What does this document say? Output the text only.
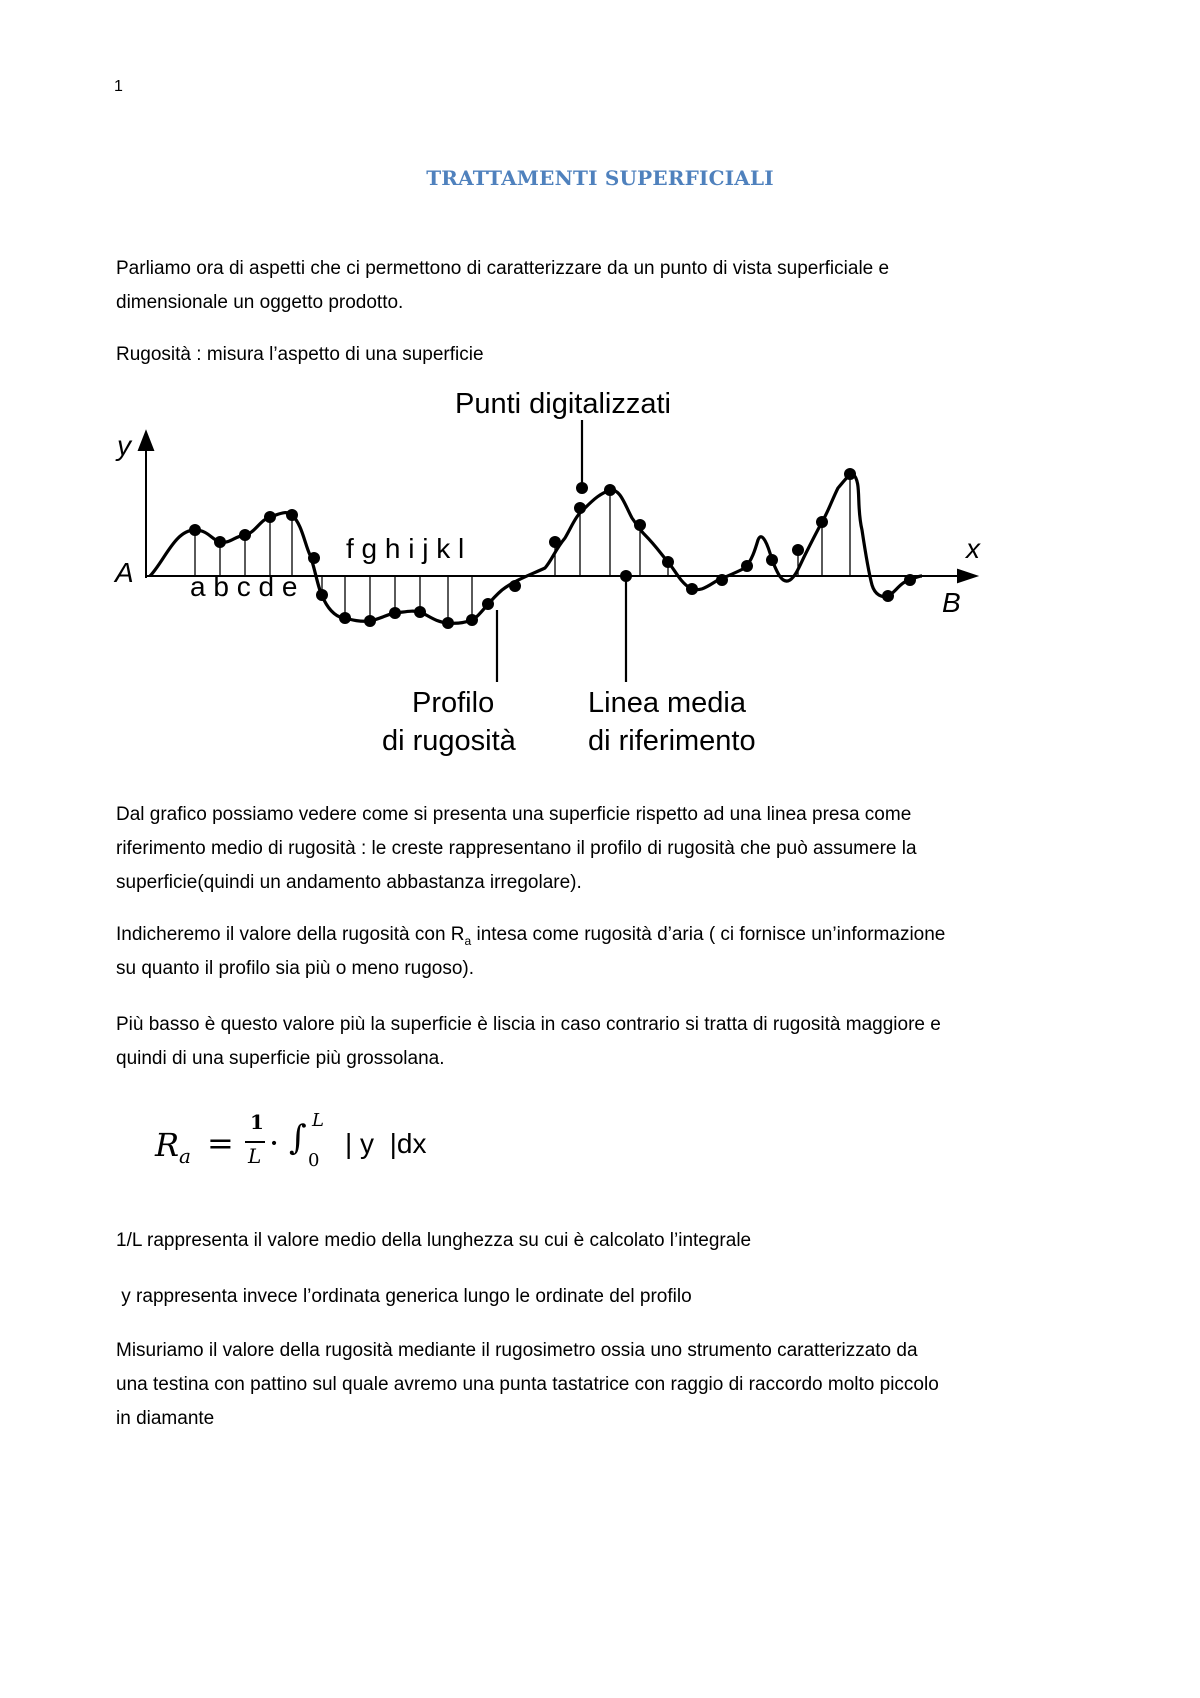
1
TRATTAMENTI SUPERFICIALI

Parliamo ora di aspetti che ci permettono di caratterizzare da un punto di vista superficiale e
dimensionale un oggetto prodotto.

Rugosità : misura l’aspetto di una superficie

Punti digitalizzati
y
x
A
B
a b c d e
f g h i j k l
Profilo
di rugosità
Linea media
di riferimento

Dal grafico possiamo vedere come si presenta una superficie rispetto ad una linea presa come
riferimento medio di rugosità : le creste rappresentano il profilo di rugosità che può assumere la
superficie(quindi un andamento abbastanza irregolare).

Indicheremo il valore della rugosità con $R_a$ intesa come rugosità d’aria ( ci fornisce un’informazione
su quanto il profilo sia più o meno rugoso).

Più basso è questo valore più la superficie è liscia in caso contrario si tratta di rugosità maggiore e
quindi di una superficie più grossolana.

R a =
1
L · ∫ L
0
| y  |dx

1/L rappresenta il valore medio della lunghezza su cui è calcolato l’integrale

y rappresenta invece l’ordinata generica lungo le ordinate del profilo

Misuriamo il valore della rugosità mediante il rugosimetro ossia uno strumento caratterizzato da
una testina con pattino sul quale avremo una punta tastatrice con raggio di raccordo molto piccolo
in diamante
